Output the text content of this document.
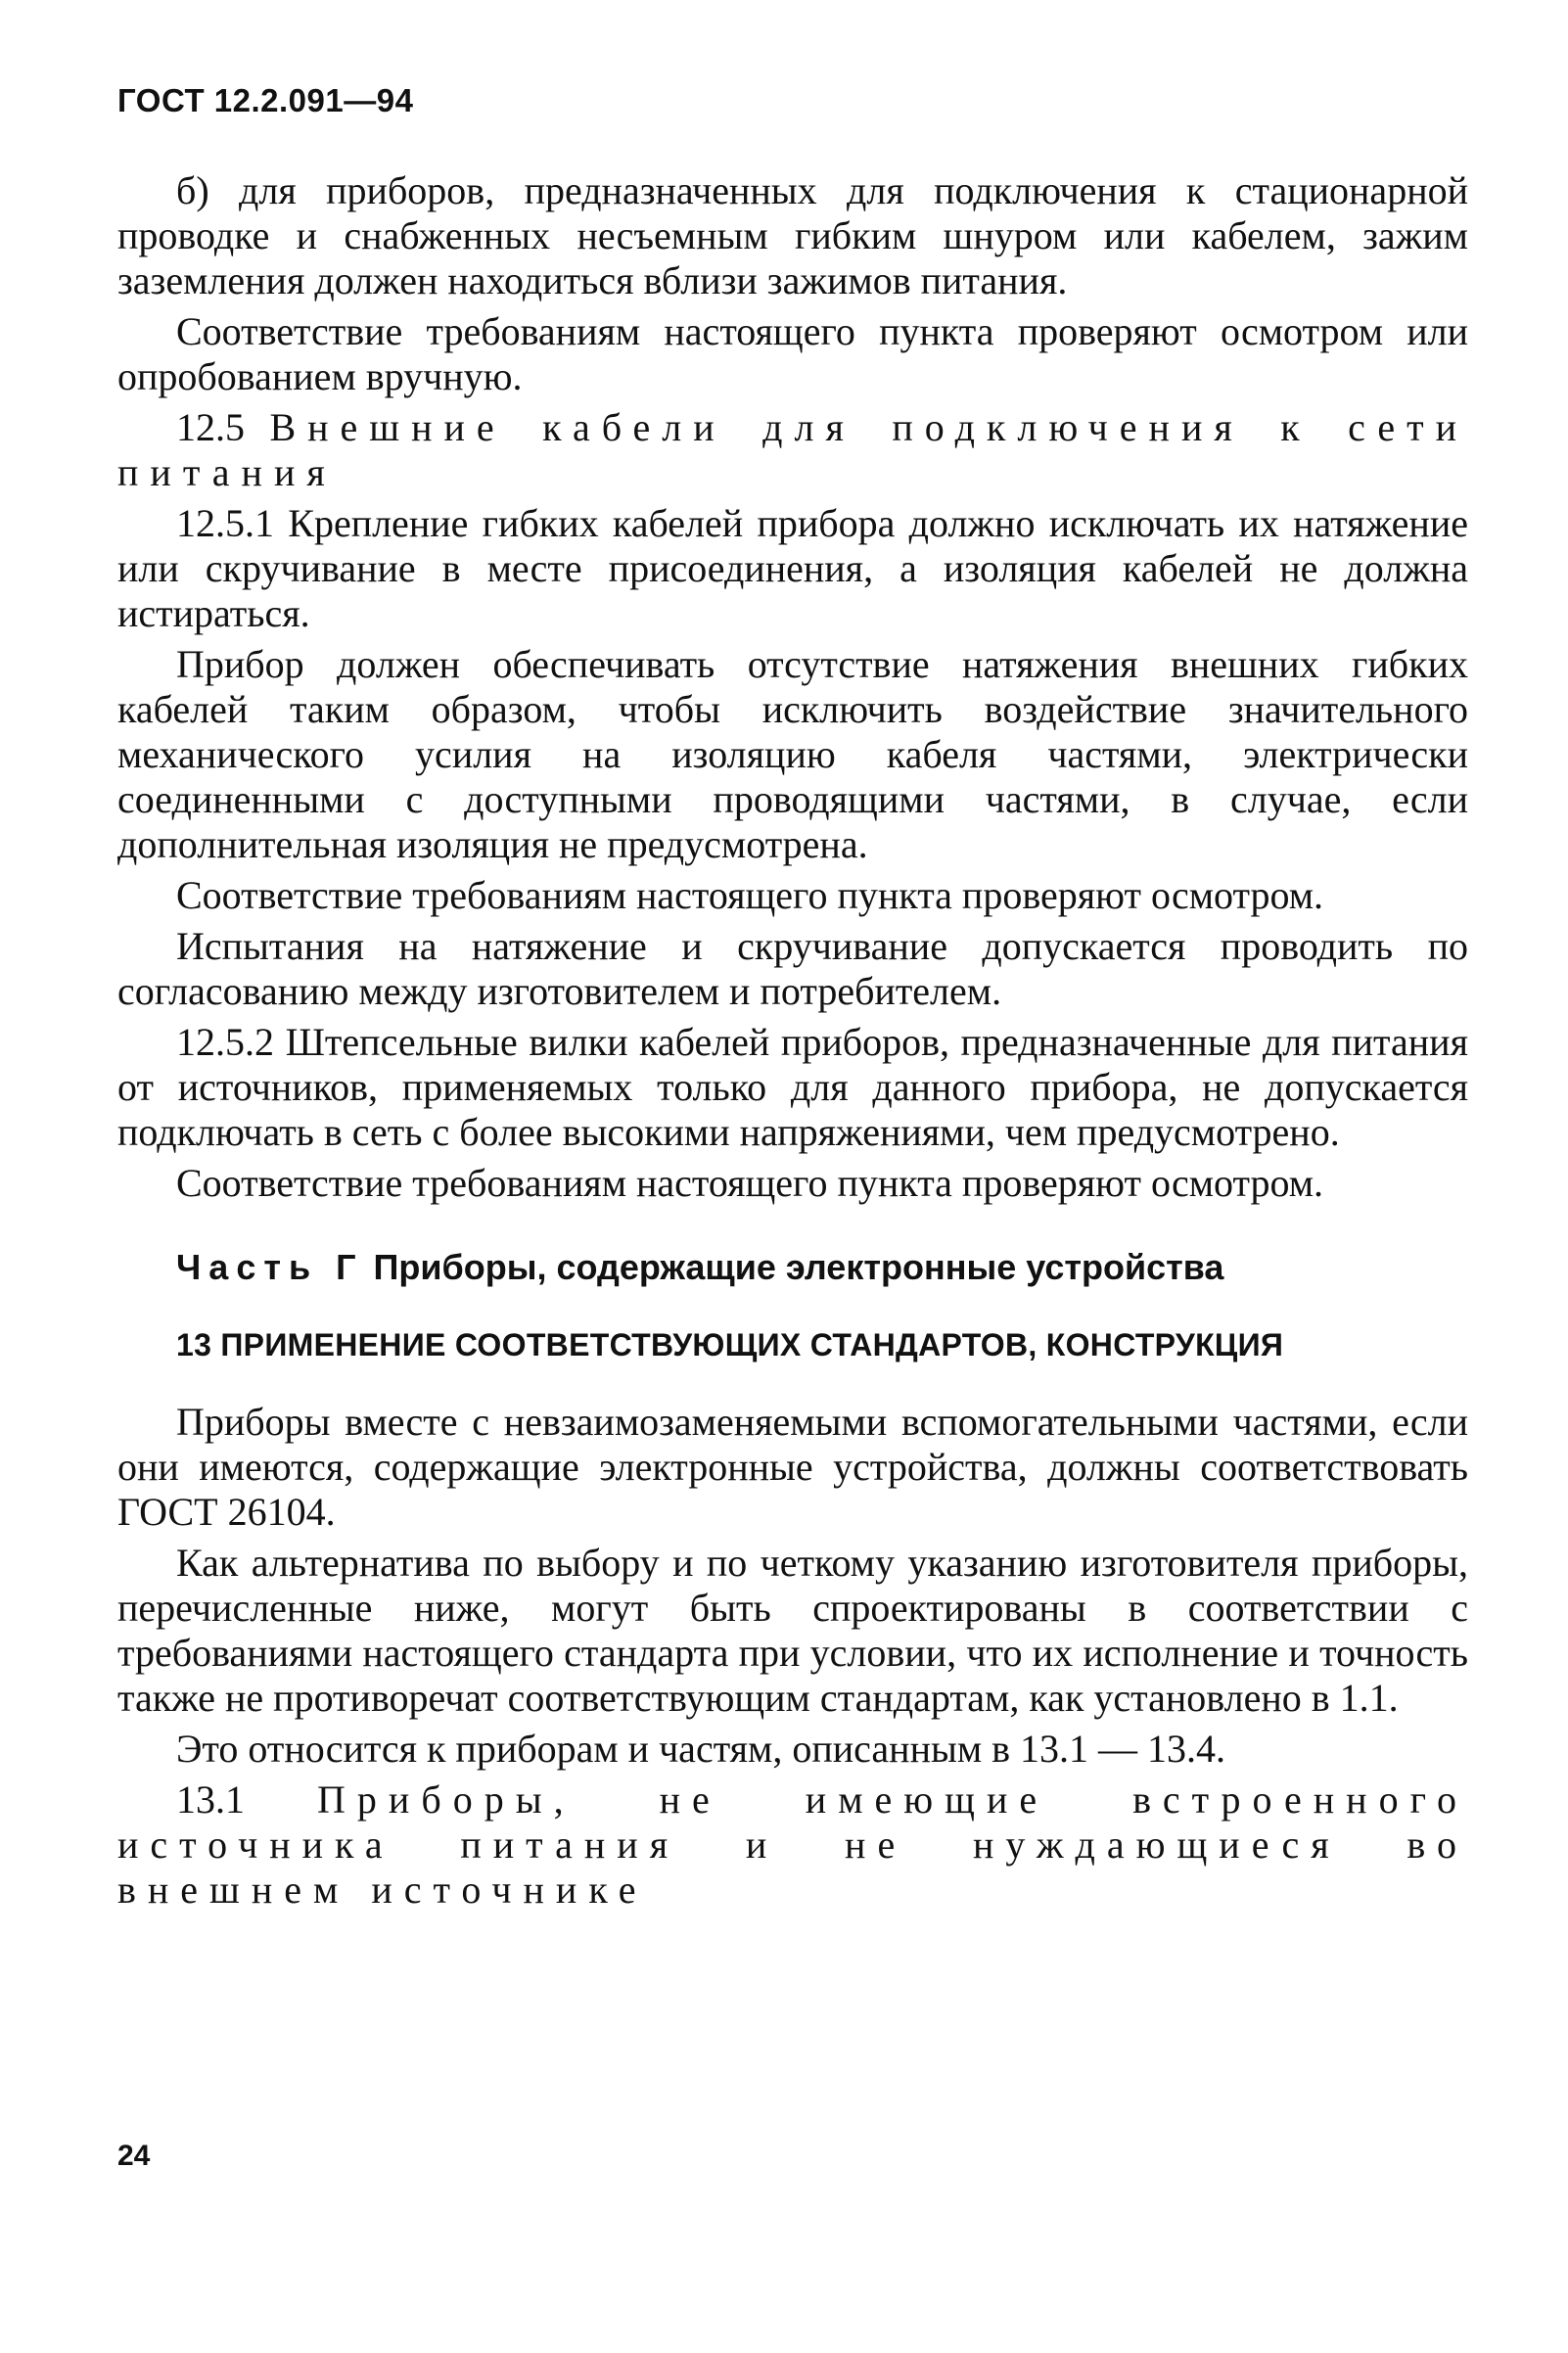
ГОСТ 12.2.091—94

б) для приборов, предназначенных для подключения к стационарной проводке и снабженных несъемным гибким шнуром или кабелем, зажим заземления должен находиться вблизи зажимов питания.

Соответствие требованиям настоящего пункта проверяют осмотром или опробованием вручную.

12.5 Внешние кабели для подключения к сети питания

12.5.1 Крепление гибких кабелей прибора должно исключать их натяжение или скручивание в месте присоединения, а изоляция кабелей не должна истираться.

Прибор должен обеспечивать отсутствие натяжения внешних гибких кабелей таким образом, чтобы исключить воздействие значительного механического усилия на изоляцию кабеля частями, электрически соединенными с доступными проводящими частями, в случае, если дополнительная изоляция не предусмотрена.

Соответствие требованиям настоящего пункта проверяют осмотром.

Испытания на натяжение и скручивание допускается проводить по согласованию между изготовителем и потребителем.

12.5.2 Штепсельные вилки кабелей приборов, предназначенные для питания от источников, применяемых только для данного прибора, не допускается подключать в сеть с более высокими напряжениями, чем предусмотрено.

Соответствие требованиям настоящего пункта проверяют осмотром.

Часть Г Приборы, содержащие электронные устройства

13 ПРИМЕНЕНИЕ СООТВЕТСТВУЮЩИХ СТАНДАРТОВ, КОНСТРУКЦИЯ

Приборы вместе с невзаимозаменяемыми вспомогательными частями, если они имеются, содержащие электронные устройства, должны соответствовать ГОСТ 26104.

Как альтернатива по выбору и по четкому указанию изготовителя приборы, перечисленные ниже, могут быть спроектированы в соответствии с требованиями настоящего стандарта при условии, что их исполнение и точность также не противоречат соответствующим стандартам, как установлено в 1.1.

Это относится к приборам и частям, описанным в 13.1 — 13.4.

13.1 Приборы, не имеющие встроенного источника питания и не нуждающиеся во внешнем источнике

24
